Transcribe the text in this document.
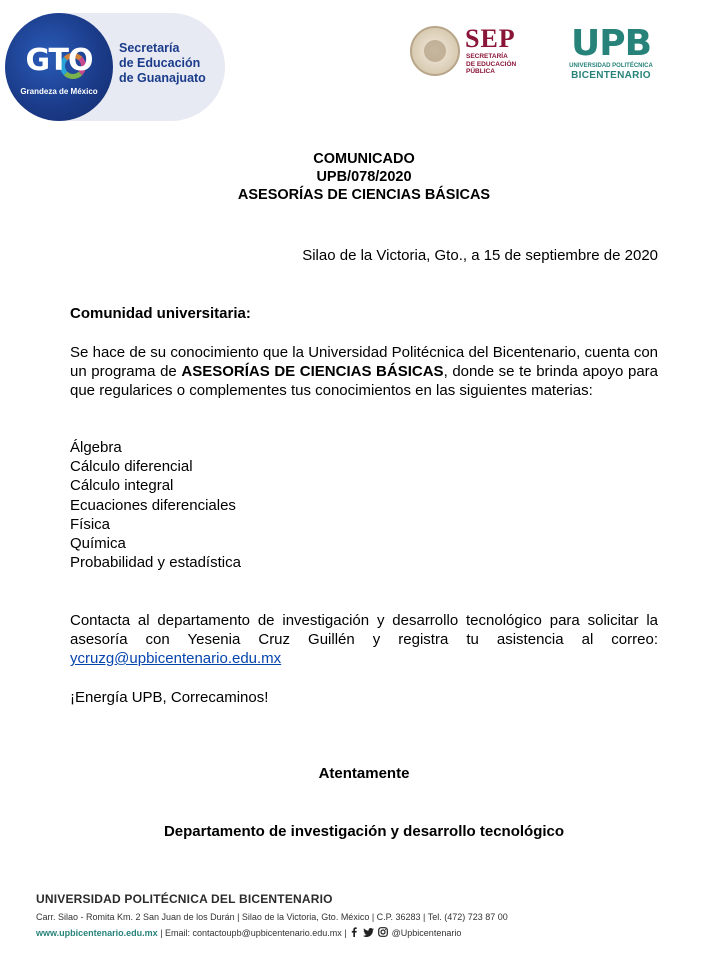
GTO
Grandeza de México
Secretaría
de Educación
de Guanajuato
SEP
SECRETARÍA
DE EDUCACIÓN
PÚBLICA
UPB
UNIVERSIDAD POLITÉCNICA
BICENTENARIO
COMUNICADO
UPB/078/2020
ASESORÍAS DE CIENCIAS BÁSICAS
Silao de la Victoria, Gto., a 15 de septiembre de 2020
Comunidad universitaria:
Se hace de su conocimiento que la Universidad Politécnica del Bicentenario, cuenta con un programa de ASESORÍAS DE CIENCIAS BÁSICAS, donde se te brinda apoyo para que regularices o complementes tus conocimientos en las siguientes materias:
Álgebra
Cálculo diferencial
Cálculo integral
Ecuaciones diferenciales
Física
Química
Probabilidad y estadística
Contacta al departamento de investigación y desarrollo tecnológico para solicitar la asesoría con Yesenia Cruz Guillén y registra tu asistencia al correo: ycruzg@upbicentenario.edu.mx
¡Energía UPB, Correcaminos!
Atentamente
Departamento de investigación y desarrollo tecnológico
UNIVERSIDAD POLITÉCNICA DEL BICENTENARIO
Carr. Silao - Romita Km. 2 San Juan de los Durán | Silao de la Victoria, Gto. México | C.P. 36283 | Tel. (472) 723 87 00
www.upbicentenario.edu.mx | Email: contactoupb@upbicentenario.edu.mx |	@Upbicentenario
